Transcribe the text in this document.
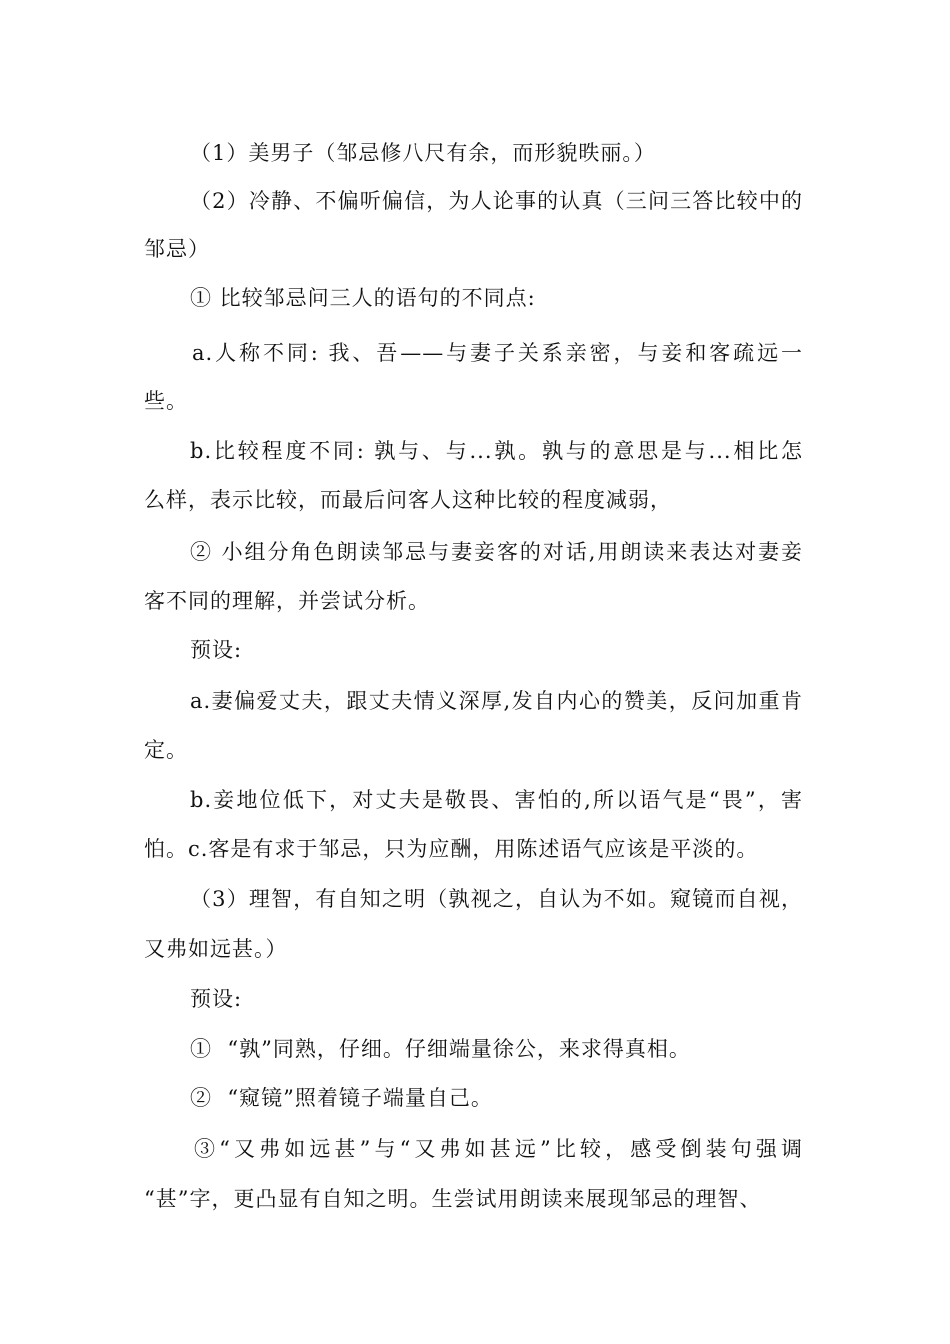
（1）美男子（邹忌修八尺有余，而形貌昳丽。）
（2）冷静、不偏听偏信，为人论事的认真（三问三答比较中的
邹忌）
① 比较邹忌问三人的语句的不同点:
a.人称不同: 我、吾——与妻子关系亲密，与妾和客疏远一
些。
b.比较程度不同: 孰与、与...孰。孰与的意思是与...相比怎
么样，表示比较，而最后问客人这种比较的程度减弱，
② 小组分角色朗读邹忌与妻妾客的对话,用朗读来表达对妻妾
客不同的理解，并尝试分析。
预设:
a.妻偏爱丈夫，跟丈夫情义深厚,发自内心的赞美，反问加重肯
定。
b.妾地位低下，对丈夫是敬畏、害怕的,所以语气是“畏”，害
怕。c.客是有求于邹忌，只为应酬，用陈述语气应该是平淡的。
（3）理智，有自知之明（孰视之，自认为不如。窥镜而自视，
又弗如远甚。）
预设:
①  “孰”同熟，仔细。仔细端量徐公，来求得真相。
②  “窥镜”照着镜子端量自己。
③“又弗如远甚”与“又弗如甚远”比较，感受倒装句强调
“甚”字，更凸显有自知之明。生尝试用朗读来展现邹忌的理智、
